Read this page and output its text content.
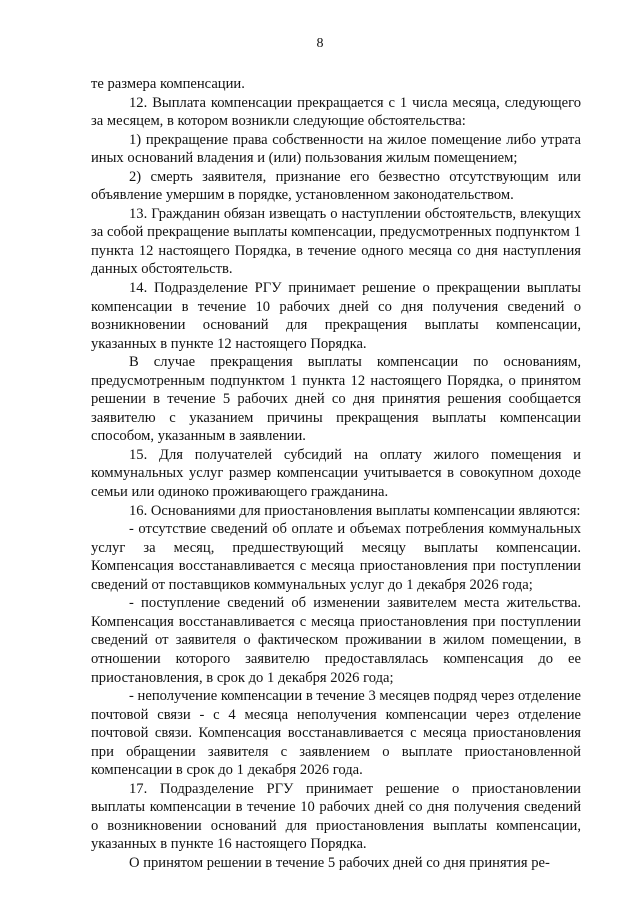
8

те размера компенсации.

12. Выплата компенсации прекращается с 1 числа месяца, следующего за месяцем, в котором возникли следующие обстоятельства:

1) прекращение права собственности на жилое помещение либо утрата иных оснований владения и (или) пользования жилым помещением;

2) смерть заявителя, признание его безвестно отсутствующим или объявление умершим в порядке, установленном законодательством.

13. Гражданин обязан извещать о наступлении обстоятельств, влекущих за собой прекращение выплаты компенсации, предусмотренных подпунктом 1 пункта 12 настоящего Порядка, в течение одного месяца со дня наступления данных обстоятельств.

14. Подразделение РГУ принимает решение о прекращении выплаты компенсации в течение 10 рабочих дней со дня получения сведений о возникновении оснований для прекращения выплаты компенсации, указанных в пункте 12 настоящего Порядка.

В случае прекращения выплаты компенсации по основаниям, предусмотренным подпунктом 1 пункта 12 настоящего Порядка, о принятом решении в течение 5 рабочих дней со дня принятия решения сообщается заявителю с указанием причины прекращения выплаты компенсации способом, указанным в заявлении.

15. Для получателей субсидий на оплату жилого помещения и коммунальных услуг размер компенсации учитывается в совокупном доходе семьи или одиноко проживающего гражданина.

16. Основаниями для приостановления выплаты компенсации являются:

- отсутствие сведений об оплате и объемах потребления коммунальных услуг за месяц, предшествующий месяцу выплаты компенсации. Компенсация восстанавливается с месяца приостановления при поступлении сведений от поставщиков коммунальных услуг до 1 декабря 2026 года;

- поступление сведений об изменении заявителем места жительства. Компенсация восстанавливается с месяца приостановления при поступлении сведений от заявителя о фактическом проживании в жилом помещении, в отношении которого заявителю предоставлялась компенсация до ее приостановления, в срок до 1 декабря 2026 года;

- неполучение компенсации в течение 3 месяцев подряд через отделение почтовой связи - с 4 месяца неполучения компенсации через отделение почтовой связи. Компенсация восстанавливается с месяца приостановления при обращении заявителя с заявлением о выплате приостановленной компенсации в срок до 1 декабря 2026 года.

17. Подразделение РГУ принимает решение о приостановлении выплаты компенсации в течение 10 рабочих дней со дня получения сведений о возникновении оснований для приостановления выплаты компенсации, указанных в пункте 16 настоящего Порядка.

О принятом решении в течение 5 рабочих дней со дня принятия ре-
